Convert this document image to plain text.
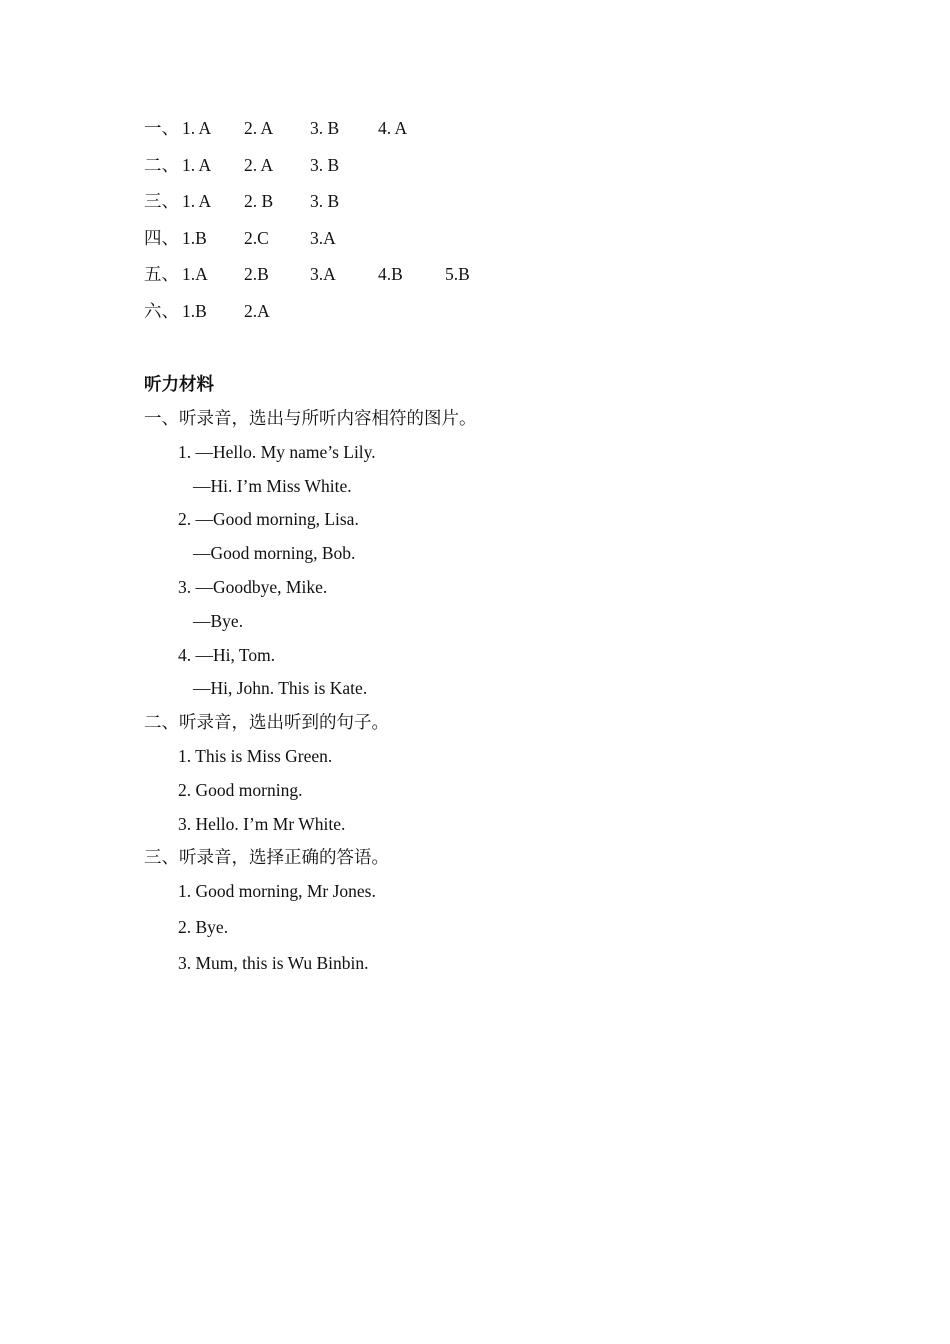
一、 1. A 2. A 3. B 4. A
二、 1. A 2. A 3. B
三、 1. A 2. B 3. B
四、 1.B 2.C 3.A
五、 1.A 2.B 3.A 4.B 5.B
六、 1.B 2.A
听力材料
一、听录音，选出与所听内容相符的图片。
1. —Hello. My name’s Lily.
—Hi. I’m Miss White.
2. —Good morning, Lisa.
—Good morning, Bob.
3. —Goodbye, Mike.
—Bye.
4. —Hi, Tom.
—Hi, John. This is Kate.
二、听录音，选出听到的句子。
1. This is Miss Green.
2. Good morning.
3. Hello. I’m Mr White.
三、听录音，选择正确的答语。
1. Good morning, Mr Jones.
2. Bye.
3. Mum, this is Wu Binbin.
